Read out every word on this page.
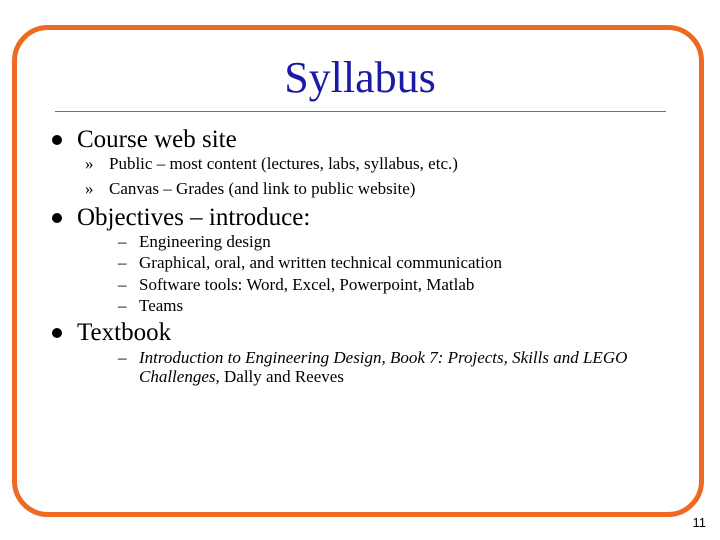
Syllabus
Course web site
» Public – most content (lectures, labs, syllabus, etc.)
» Canvas – Grades (and link to public website)
Objectives – introduce:
– Engineering design
– Graphical, oral, and written technical communication
– Software tools: Word, Excel, Powerpoint, Matlab
– Teams
Textbook
– Introduction to Engineering Design, Book 7: Projects, Skills and LEGO
Challenges, Dally and Reeves
11
